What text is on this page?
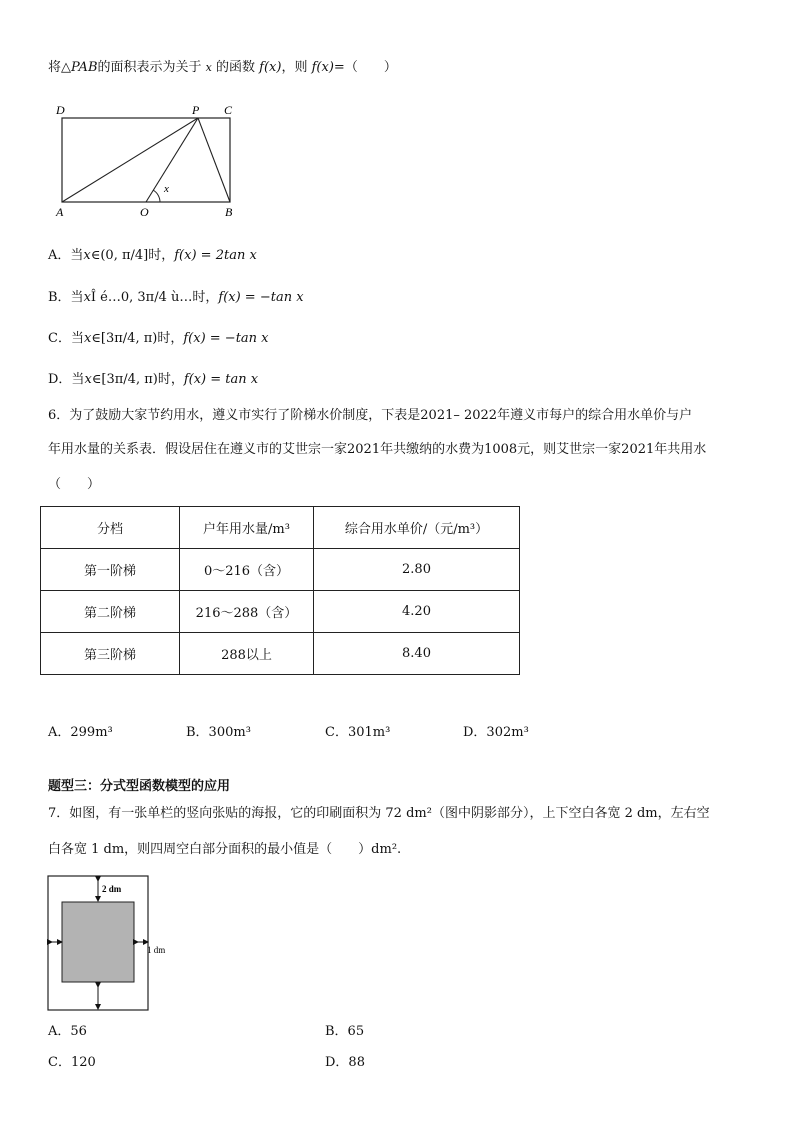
将△PAB的面积表示为关于 x 的函数 f(x)，则 f(x)=（　　）
D	P C
A	O	B
x
A．当x∈(0, π/4]时，f(x) = 2tan x
B．当xÎ é…0, 3π/4 ù…时，f(x) = −tan x
C．当x∈[3π/4, π)时，f(x) = −tan x
D．当x∈[3π/4, π)时，f(x) = tan x
6．为了鼓励大家节约用水，遵义市实行了阶梯水价制度，下表是2021– 2022年遵义市每户的综合用水单价与户
年用水量的关系表．假设居住在遵义市的艾世宗一家2021年共缴纳的水费为1008元，则艾世宗一家2021年共用水
（　　）
分档	户年用水量/m³	综合用水单价/（元/m³）
第一阶梯	0～216（含）	2.80
第二阶梯	216～288（含）	4.20
第三阶梯	288以上	8.40
A．299m³	B．300m³	C．301m³	D．302m³
题型三：分式型函数模型的应用
7．如图，有一张单栏的竖向张贴的海报，它的印刷面积为 72 dm²（图中阴影部分），上下空白各宽 2 dm，左右空
白各宽 1 dm，则四周空白部分面积的最小值是（　　）dm².
2 dm
1 dm
A．56	B．65
C．120	D．88
